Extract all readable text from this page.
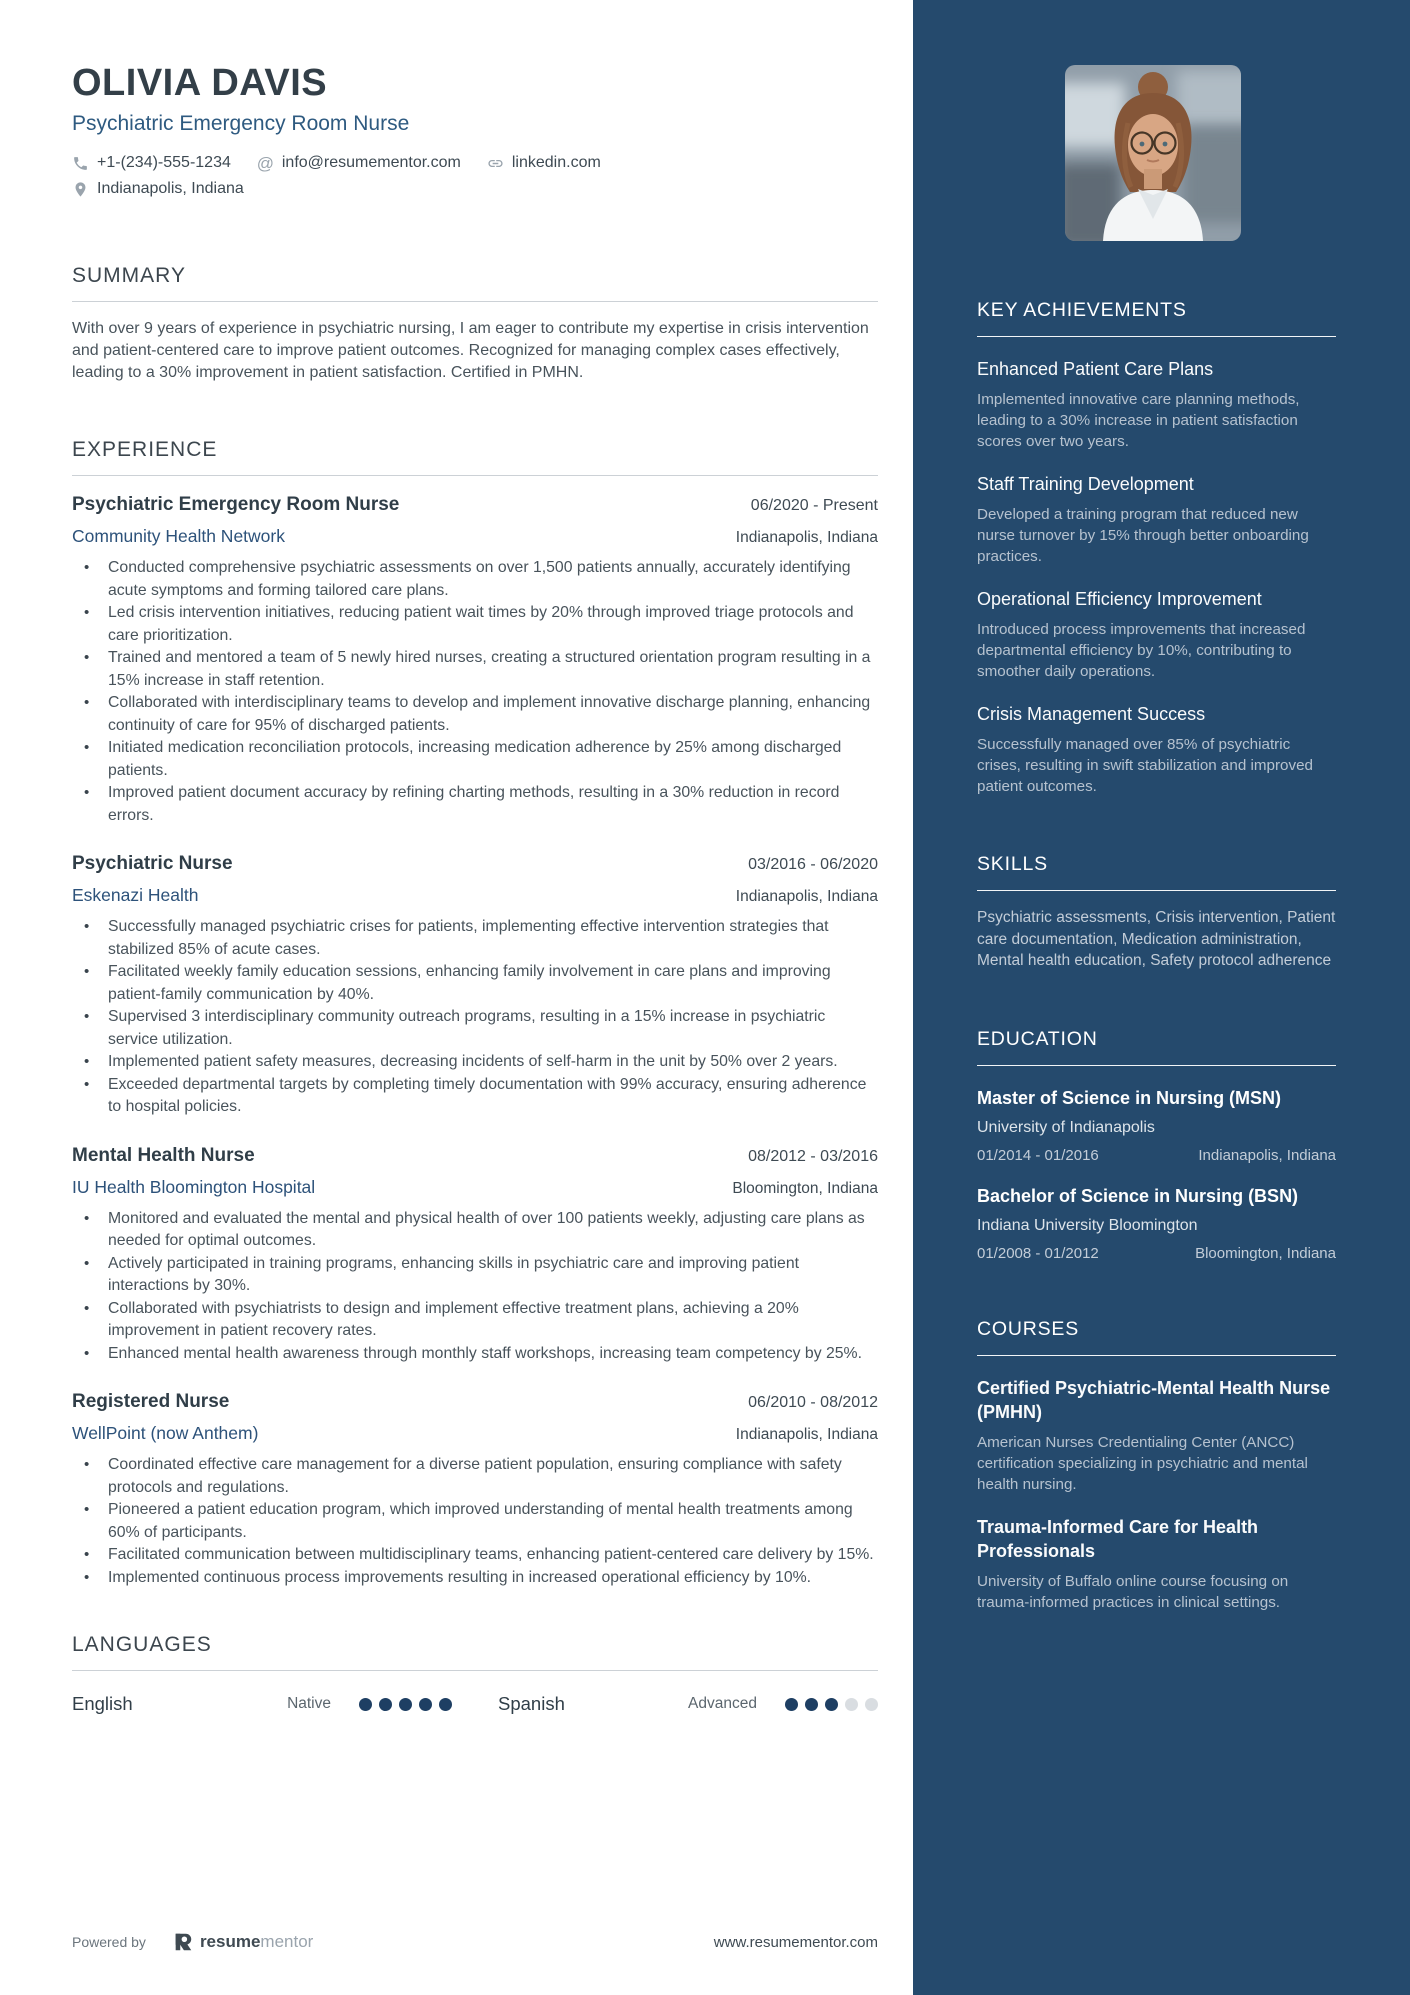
OLIVIA DAVIS
Psychiatric Emergency Room Nurse
+1-(234)-555-1234 @ info@resumementor.com	linkedin.com
Indianapolis, Indiana
SUMMARY

With over 9 years of experience in psychiatric nursing, I am eager to contribute my expertise in crisis intervention and patient-centered care to improve patient outcomes. Recognized for managing complex cases effectively, leading to a 30% improvement in patient satisfaction. Certified in PMHN.

EXPERIENCE
Psychiatric Emergency Room Nurse	06/2020 - Present
Community Health Network	Indianapolis, Indiana
• Conducted comprehensive psychiatric assessments on over 1,500 patients annually, accurately identifying acute symptoms and forming tailored care plans.
• Led crisis intervention initiatives, reducing patient wait times by 20% through improved triage protocols and care prioritization.
• Trained and mentored a team of 5 newly hired nurses, creating a structured orientation program resulting in a 15% increase in staff retention.
• Collaborated with interdisciplinary teams to develop and implement innovative discharge planning, enhancing continuity of care for 95% of discharged patients.
• Initiated medication reconciliation protocols, increasing medication adherence by 25% among discharged patients.
• Improved patient document accuracy by refining charting methods, resulting in a 30% reduction in record errors.
Psychiatric Nurse	03/2016 - 06/2020
Eskenazi Health	Indianapolis, Indiana
• Successfully managed psychiatric crises for patients, implementing effective intervention strategies that stabilized 85% of acute cases.
• Facilitated weekly family education sessions, enhancing family involvement in care plans and improving patient-family communication by 40%.
• Supervised 3 interdisciplinary community outreach programs, resulting in a 15% increase in psychiatric service utilization.
• Implemented patient safety measures, decreasing incidents of self-harm in the unit by 50% over 2 years.
• Exceeded departmental targets by completing timely documentation with 99% accuracy, ensuring adherence to hospital policies.
Mental Health Nurse	08/2012 - 03/2016
IU Health Bloomington Hospital	Bloomington, Indiana
• Monitored and evaluated the mental and physical health of over 100 patients weekly, adjusting care plans as needed for optimal outcomes.
• Actively participated in training programs, enhancing skills in psychiatric care and improving patient interactions by 30%.
• Collaborated with psychiatrists to design and implement effective treatment plans, achieving a 20% improvement in patient recovery rates.
• Enhanced mental health awareness through monthly staff workshops, increasing team competency by 25%.
Registered Nurse	06/2010 - 08/2012
WellPoint (now Anthem)	Indianapolis, Indiana
• Coordinated effective care management for a diverse patient population, ensuring compliance with safety protocols and regulations.
• Pioneered a patient education program, which improved understanding of mental health treatments among 60% of participants.
• Facilitated communication between multidisciplinary teams, enhancing patient-centered care delivery by 15%.
• Implemented continuous process improvements resulting in increased operational efficiency by 10%.
LANGUAGES
English	Native	Spanish	Advanced
Powered by	resumementor	www.resumementor.com
KEY ACHIEVEMENTS
Enhanced Patient Care Plans

Implemented innovative care planning methods, leading to a 30% increase in patient satisfaction scores over two years.

Staff Training Development

Developed a training program that reduced new nurse turnover by 15% through better onboarding practices.

Operational Efficiency Improvement

Introduced process improvements that increased departmental efficiency by 10%, contributing to smoother daily operations.

Crisis Management Success

Successfully managed over 85% of psychiatric crises, resulting in swift stabilization and improved patient outcomes.

SKILLS

Psychiatric assessments, Crisis intervention, Patient care documentation, Medication administration, Mental health education, Safety protocol adherence

EDUCATION
Master of Science in Nursing (MSN)
University of Indianapolis
01/2014 - 01/2016	Indianapolis, Indiana
Bachelor of Science in Nursing (BSN)
Indiana University Bloomington
01/2008 - 01/2012	Bloomington, Indiana
COURSES
Certified Psychiatric-Mental Health Nurse (PMHN)

American Nurses Credentialing Center (ANCC) certification specializing in psychiatric and mental health nursing.

Trauma-Informed Care for Health Professionals

University of Buffalo online course focusing on trauma-informed practices in clinical settings.
